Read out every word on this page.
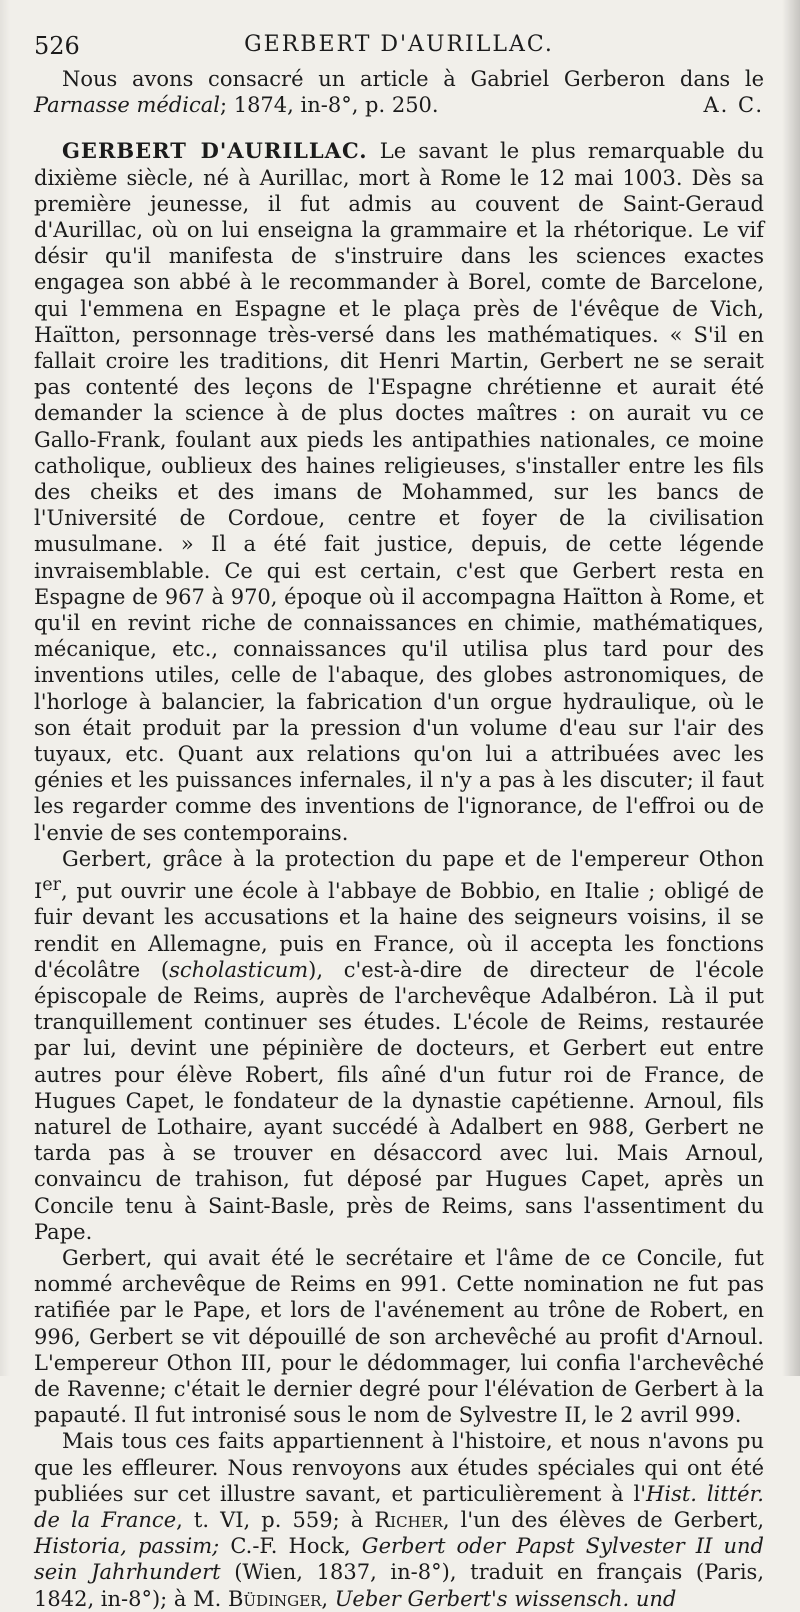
526	GERBERT D'AURILLAC.

Nous avons consacré un article à Gabriel Gerberon dans le Parnasse médical; 1874, in-8°, p. 250.	A. C.

GERBERT D'AURILLAC. Le savant le plus remarquable du dixième siècle, né à Aurillac, mort à Rome le 12 mai 1003. Dès sa première jeunesse, il fut admis au couvent de Saint-Geraud d'Aurillac, où on lui enseigna la grammaire et la rhétorique. Le vif désir qu'il manifesta de s'instruire dans les sciences exactes engagea son abbé à le recommander à Borel, comte de Barcelone, qui l'emmena en Espagne et le plaça près de l'évêque de Vich, Haïtton, personnage très-versé dans les mathématiques. « S'il en fallait croire les traditions, dit Henri Martin, Gerbert ne se serait pas contenté des leçons de l'Espagne chrétienne et aurait été demander la science à de plus doctes maîtres : on aurait vu ce Gallo-Frank, foulant aux pieds les antipathies nationales, ce moine catholique, oublieux des haines religieuses, s'installer entre les fils des cheiks et des imans de Mohammed, sur les bancs de l'Université de Cordoue, centre et foyer de la civilisation musulmane. » Il a été fait justice, depuis, de cette légende invraisemblable. Ce qui est certain, c'est que Gerbert resta en Espagne de 967 à 970, époque où il accompagna Haïtton à Rome, et qu'il en revint riche de connaissances en chimie, mathématiques, mécanique, etc., connaissances qu'il utilisa plus tard pour des inventions utiles, celle de l'abaque, des globes astronomiques, de l'horloge à balancier, la fabrication d'un orgue hydraulique, où le son était produit par la pression d'un volume d'eau sur l'air des tuyaux, etc. Quant aux relations qu'on lui a attribuées avec les génies et les puissances infernales, il n'y a pas à les discuter; il faut les regarder comme des inventions de l'ignorance, de l'effroi ou de l'envie de ses contemporains.

Gerbert, grâce à la protection du pape et de l'empereur Othon Ier, put ouvrir une école à l'abbaye de Bobbio, en Italie ; obligé de fuir devant les accusations et la haine des seigneurs voisins, il se rendit en Allemagne, puis en France, où il accepta les fonctions d'écolâtre (scholasticum), c'est-à-dire de directeur de l'école épiscopale de Reims, auprès de l'archevêque Adalbéron. Là il put tranquillement continuer ses études. L'école de Reims, restaurée par lui, devint une pépinière de docteurs, et Gerbert eut entre autres pour élève Robert, fils aîné d'un futur roi de France, de Hugues Capet, le fondateur de la dynastie capétienne. Arnoul, fils naturel de Lothaire, ayant succédé à Adalbert en 988, Gerbert ne tarda pas à se trouver en désaccord avec lui. Mais Arnoul, convaincu de trahison, fut déposé par Hugues Capet, après un Concile tenu à Saint-Basle, près de Reims, sans l'assentiment du Pape.

Gerbert, qui avait été le secrétaire et l'âme de ce Concile, fut nommé archevêque de Reims en 991. Cette nomination ne fut pas ratifiée par le Pape, et lors de l'avénement au trône de Robert, en 996, Gerbert se vit dépouillé de son archevêché au profit d'Arnoul. L'empereur Othon III, pour le dédommager, lui confia l'archevêché de Ravenne; c'était le dernier degré pour l'élévation de Gerbert à la papauté. Il fut intronisé sous le nom de Sylvestre II, le 2 avril 999.

Mais tous ces faits appartiennent à l'histoire, et nous n'avons pu que les effleurer. Nous renvoyons aux études spéciales qui ont été publiées sur cet illustre savant, et particulièrement à l'Hist. littér. de la France, t. VI, p. 559; à Richer, l'un des élèves de Gerbert, Historia, passim; C.-F. Hock, Gerbert oder Papst Sylvester II und sein Jahrhundert (Wien, 1837, in-8°), traduit en français (Paris, 1842, in-8°); à M. Büdinger, Ueber Gerbert's wissensch. und
